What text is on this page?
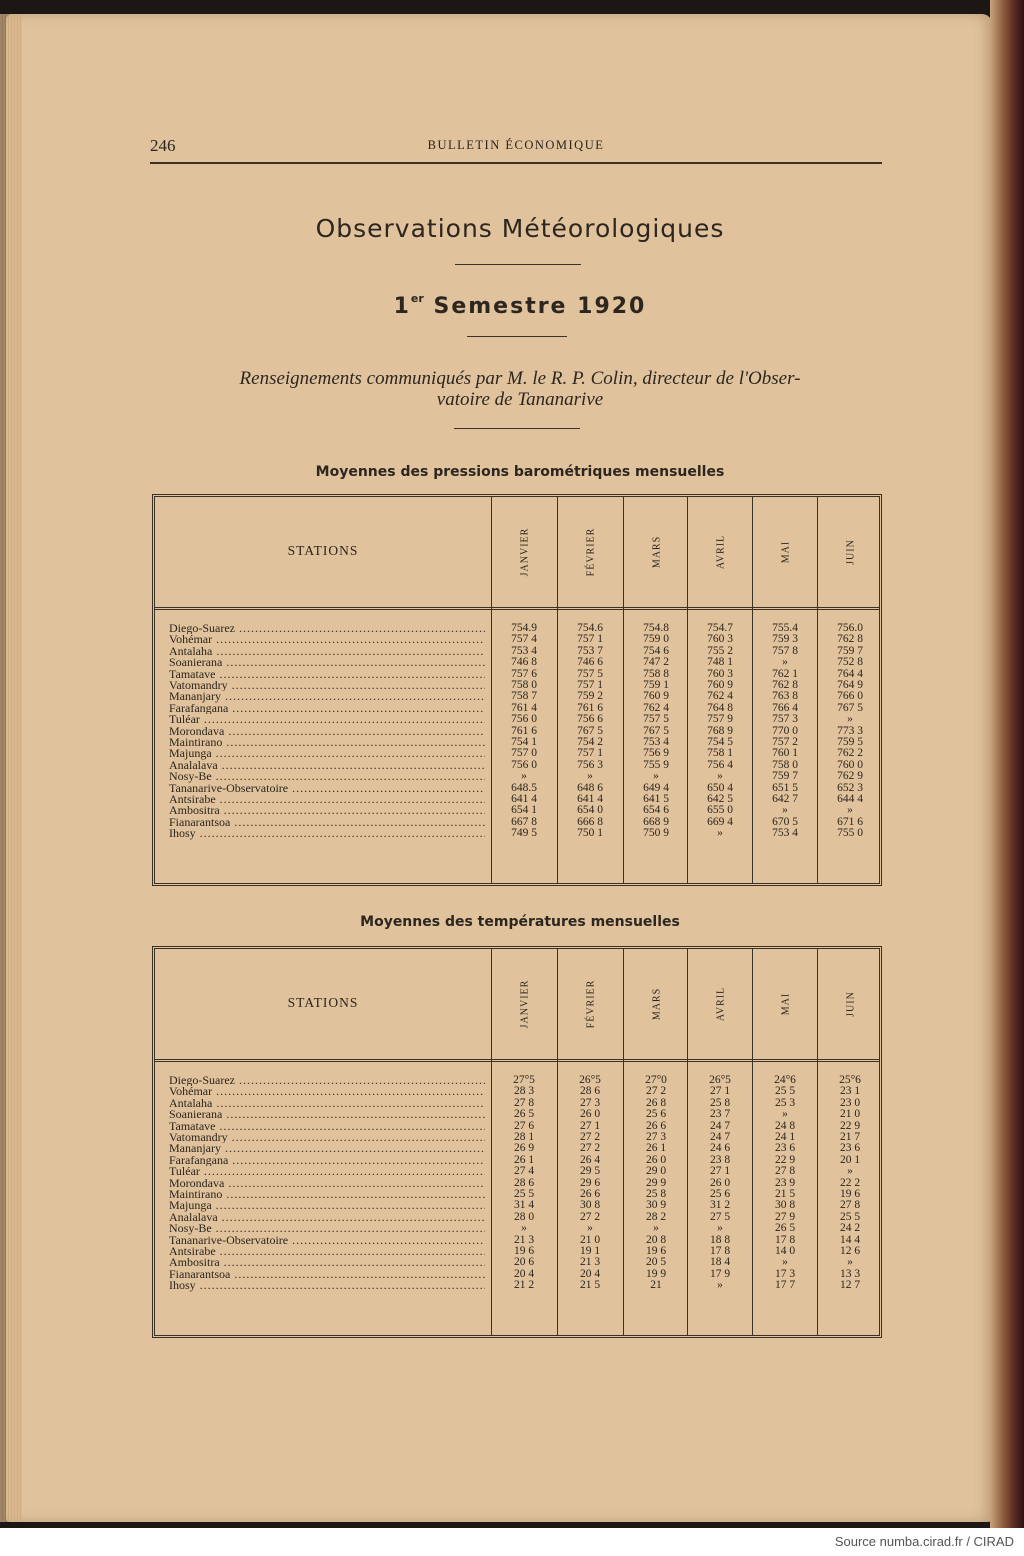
246	BULLETIN ÉCONOMIQUE
Observations Météorologiques
1er Semestre 1920
Renseignements communiqués par M. le R. P. Colin, directeur de l'Obser-
vatoire de Tananarive
Moyennes des pressions barométriques mensuelles
STATIONS	JANVIER	FÉVRIER	MARS	AVRIL	MAI	JUIN
Diego-Suarez .....	754.9	754.6	754.8	754.7	755.4	756.0
Vohémar .....	757 4	757 1	759 0	760 3	759 3	762 8
Antalaha .....	753 4	753 7	754 6	755 2	757 8	759 7
Soanierana .....	746 8	746 6	747 2	748 1	»	752 8
Tamatave .....	757 6	757 5	758 8	760 3	762 1	764 4
Vatomandry .....	758 0	757 1	759 1	760 9	762 8	764 9
Mananjary .....	758 7	759 2	760 9	762 4	763 8	766 0
Farafangana .....	761 4	761 6	762 4	764 8	766 4	767 5
Tuléar .....	756 0	756 6	757 5	757 9	757 3	»
Morondava .....	761 6	767 5	767 5	768 9	770 0	773 3
Maintirano .....	754 1	754 2	753 4	754 5	757 2	759 5
Majunga .....	757 0	757 1	756 9	758 1	760 1	762 2
Analalava .....	756 0	756 3	755 9	756 4	758 0	760 0
Nosy-Be .....	»	»	»	»	759 7	762 9
Tananarive-Observatoire .....	648.5	648 6	649 4	650 4	651 5	652 3
Antsirabe .....	641 4	641 4	641 5	642 5	642 7	644 4
Ambositra .....	654 1	654 0	654 6	655 0	»	»
Fianarantsoa .....	667 8	666 8	668 9	669 4	670 5	671 6
Ihosy .....	749 5	750 1	750 9	»	753 4	755 0
Moyennes des températures mensuelles
STATIONS	JANVIER	FÉVRIER	MARS	AVRIL	MAI	JUIN
Diego-Suarez .....	27°5	26°5	27°0	26°5	24°6	25°6
Vohémar .....	28 3	28 6	27 2	27 1	25 5	23 1
Antalaha .....	27 8	27 3	26 8	25 8	25 3	23 0
Soanierana .....	26 5	26 0	25 6	23 7	»	21 0
Tamatave .....	27 6	27 1	26 6	24 7	24 8	22 9
Vatomandry .....	28 1	27 2	27 3	24 7	24 1	21 7
Mananjary .....	26 9	27 2	26 1	24 6	23 6	23 6
Farafangana .....	26 1	26 4	26 0	23 8	22 9	20 1
Tuléar .....	27 4	29 5	29 0	27 1	27 8	»
Morondava .....	28 6	29 6	29 9	26 0	23 9	22 2
Maintirano .....	25 5	26 6	25 8	25 6	21 5	19 6
Majunga .....	31 4	30 8	30 9	31 2	30 8	27 8
Analalava .....	28 0	27 2	28 2	27 5	27 9	25 5
Nosy-Be .....	»	»	»	»	26 5	24 2
Tananarive-Observatoire .....	21 3	21 0	20 8	18 8	17 8	14 4
Antsirabe .....	19 6	19 1	19 6	17 8	14 0	12 6
Ambositra .....	20 6	21 3	20 5	18 4	»	»
Fianarantsoa .....	20 4	20 4	19 9	17 9	17 3	13 3
Ihosy .....	21 2	21 5	21	»	17 7	12 7
Source numba.cirad.fr / CIRAD
